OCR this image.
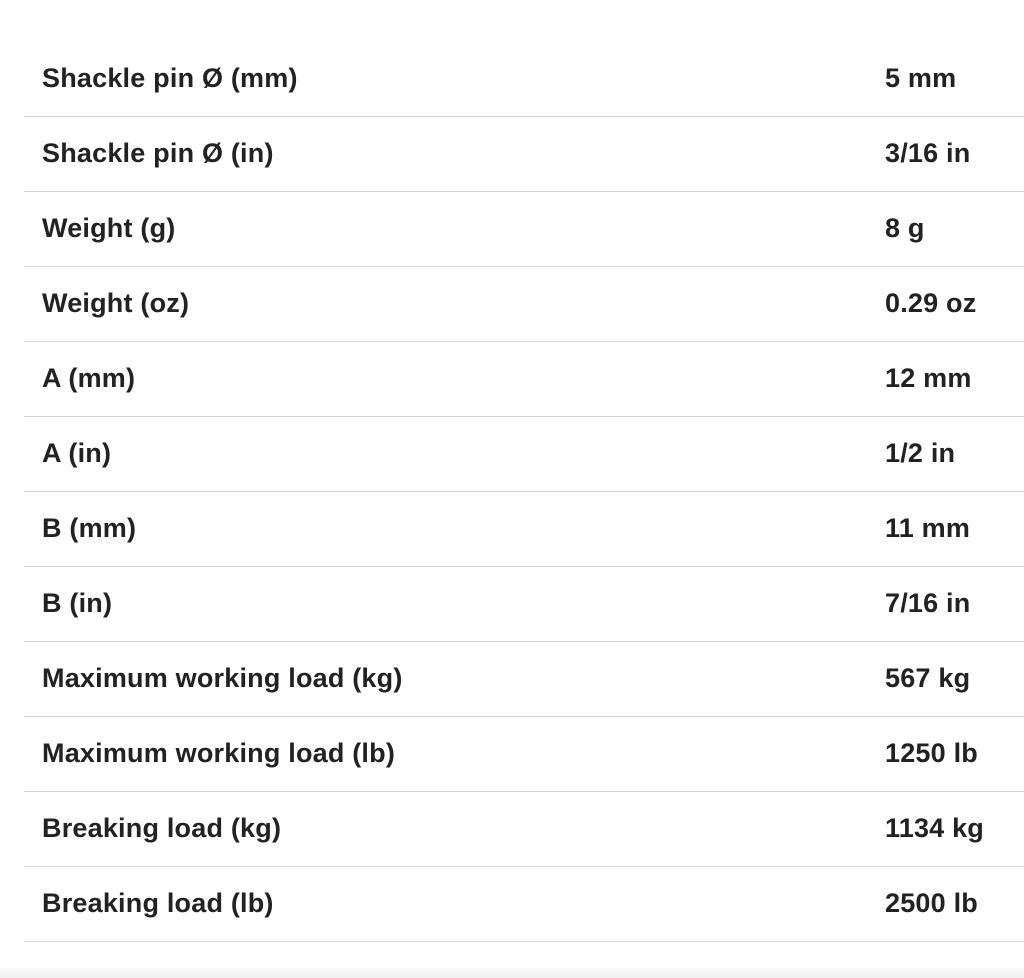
Shackle pin Ø (mm)	5 mm
Shackle pin Ø (in)	3/16 in
Weight (g)	8 g
Weight (oz)	0.29 oz
A (mm)	12 mm
A (in)	1/2 in
B (mm)	11 mm
B (in)	7/16 in
Maximum working load (kg)	567 kg
Maximum working load (lb)	1250 lb
Breaking load (kg)	1134 kg
Breaking load (lb)	2500 lb
